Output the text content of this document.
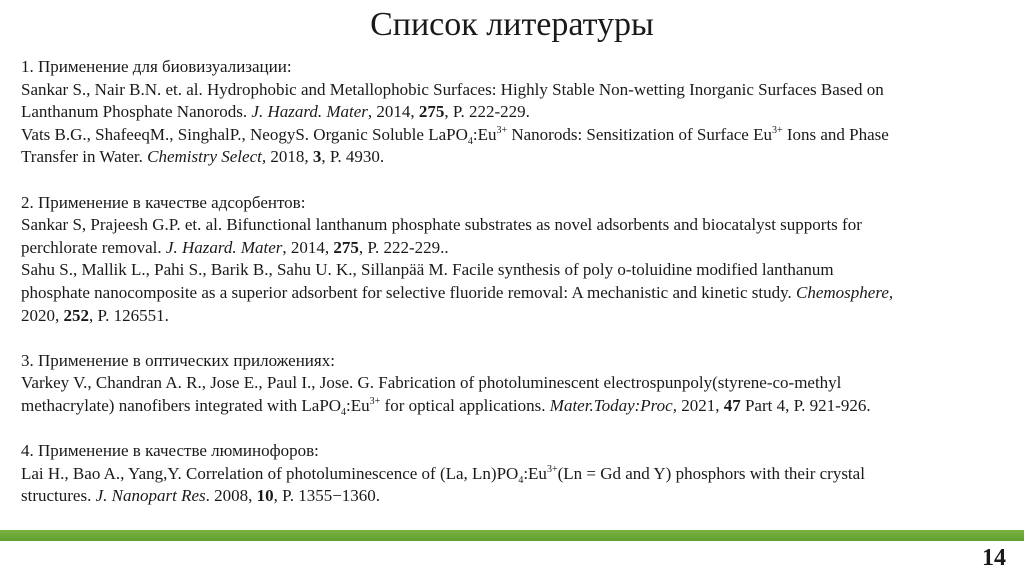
Список литературы
1. Применение для биовизуализации:
Sankar S., Nair B.N. et. al. Hydrophobic and Metallophobic Surfaces: Highly Stable Non-wetting Inorganic Surfaces Based on
Lanthanum Phosphate Nanorods. J. Hazard. Mater, 2014, 275, P. 222-229.
Vats B.G., ShafeeqM., SinghalP., NeogyS. Organic Soluble $LaPO_4:Eu^{3+}$ Nanorods: Sensitization of Surface $Eu^{3+}$ Ions and Phase
Transfer in Water. Chemistry Select, 2018, 3, P. 4930.
2. Применение в качестве адсорбентов:
Sankar S, Prajeesh G.P. et. al. Bifunctional lanthanum phosphate substrates as novel adsorbents and biocatalyst supports for
perchlorate removal. J. Hazard. Mater, 2014, 275, P. 222-229..
Sahu S., Mallik L., Pahi S., Barik B., Sahu U. K., Sillanpää M. Facile synthesis of poly o-toluidine modified lanthanum
phosphate nanocomposite as a superior adsorbent for selective fluoride removal: A mechanistic and kinetic study. Chemosphere,
2020, 252, P. 126551.
3. Применение в оптических приложениях:
Varkey V., Chandran A. R., Jose E., Paul I., Jose. G. Fabrication of photoluminescent electrospunpoly(styrene-co-methyl
methacrylate) nanofibers integrated with $LaPO_4:Eu^{3+}$ for optical applications. Mater.Today:Proc, 2021, 47 Part 4, P. 921-926.
4. Применение в качестве люминофоров:
Lai H., Bao A., Yang,Y. Correlation of photoluminescence of (La, $Ln)PO_4:Eu^{3+}(Ln = Gd$ and Y) phosphors with their crystal
structures. J. Nanopart Res. 2008, 10, P. 1355−1360.
14
